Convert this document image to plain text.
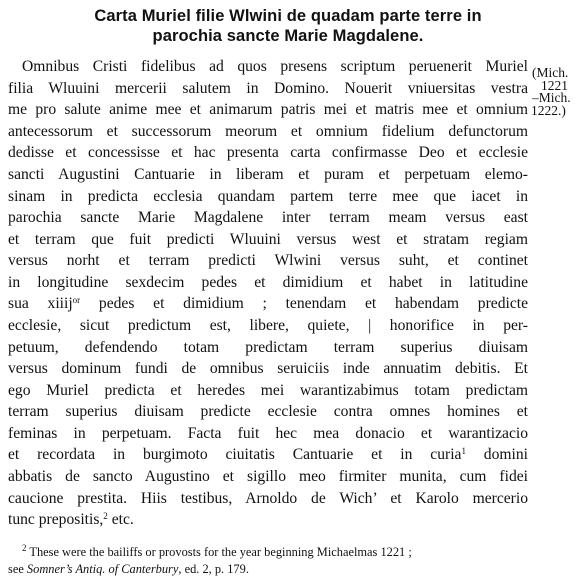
Carta Muriel filie Wlwini de quadam parte terre in
parochia sancte Marie Magdalene.
(Mich.
1221
–Mich.
1222.)
Omnibus Cristi fidelibus ad quos presens scriptum peruenerit Muriel
filia Wluuini mercerii salutem in Domino. Nouerit vniuersitas vestra
me pro salute anime mee et animarum patris mei et matris mee et omnium
antecessorum et successorum meorum et omnium fidelium defunctorum
dedisse et concessisse et hac presenta carta confirmasse Deo et ecclesie
sancti Augustini Cantuarie in liberam et puram et perpetuam elemo-
sinam in predicta ecclesia quandam partem terre mee que iacet in
parochia sancte Marie Magdalene inter terram meam versus east
et terram que fuit predicti Wluuini versus west et stratam regiam
versus norht et terram predicti Wlwini versus suht, et continet
in longitudine sexdecim pedes et dimidium et habet in latitudine
sua xiiij$^{or}$ pedes et dimidium ; tenendam et habendam predicte
ecclesie, sicut predictum est, libere, quiete, | honorifice in per-
petuum, defendendo totam predictam terram superius diuisam
versus dominum fundi de omnibus seruiciis inde annuatim debitis. Et
ego Muriel predicta et heredes mei warantizabimus totam predictam
terram superius diuisam predicte ecclesie contra omnes homines et
feminas in perpetuam. Facta fuit hec mea donacio et warantizacio
et recordata in burgimoto ciuitatis Cantuarie et in curia$^1$ domini
abbatis de sancto Augustino et sigillo meo firmiter munita, cum fidei
caucione prestita. Hiis testibus, Arnoldo de Wich’ et Karolo mercerio
tunc prepositis,$^2$ etc.
$^2$ These were the bailiffs or provosts for the year beginning Michaelmas 1221 ;
see Somner’s Antiq. of Canterbury, ed. 2, p. 179.
